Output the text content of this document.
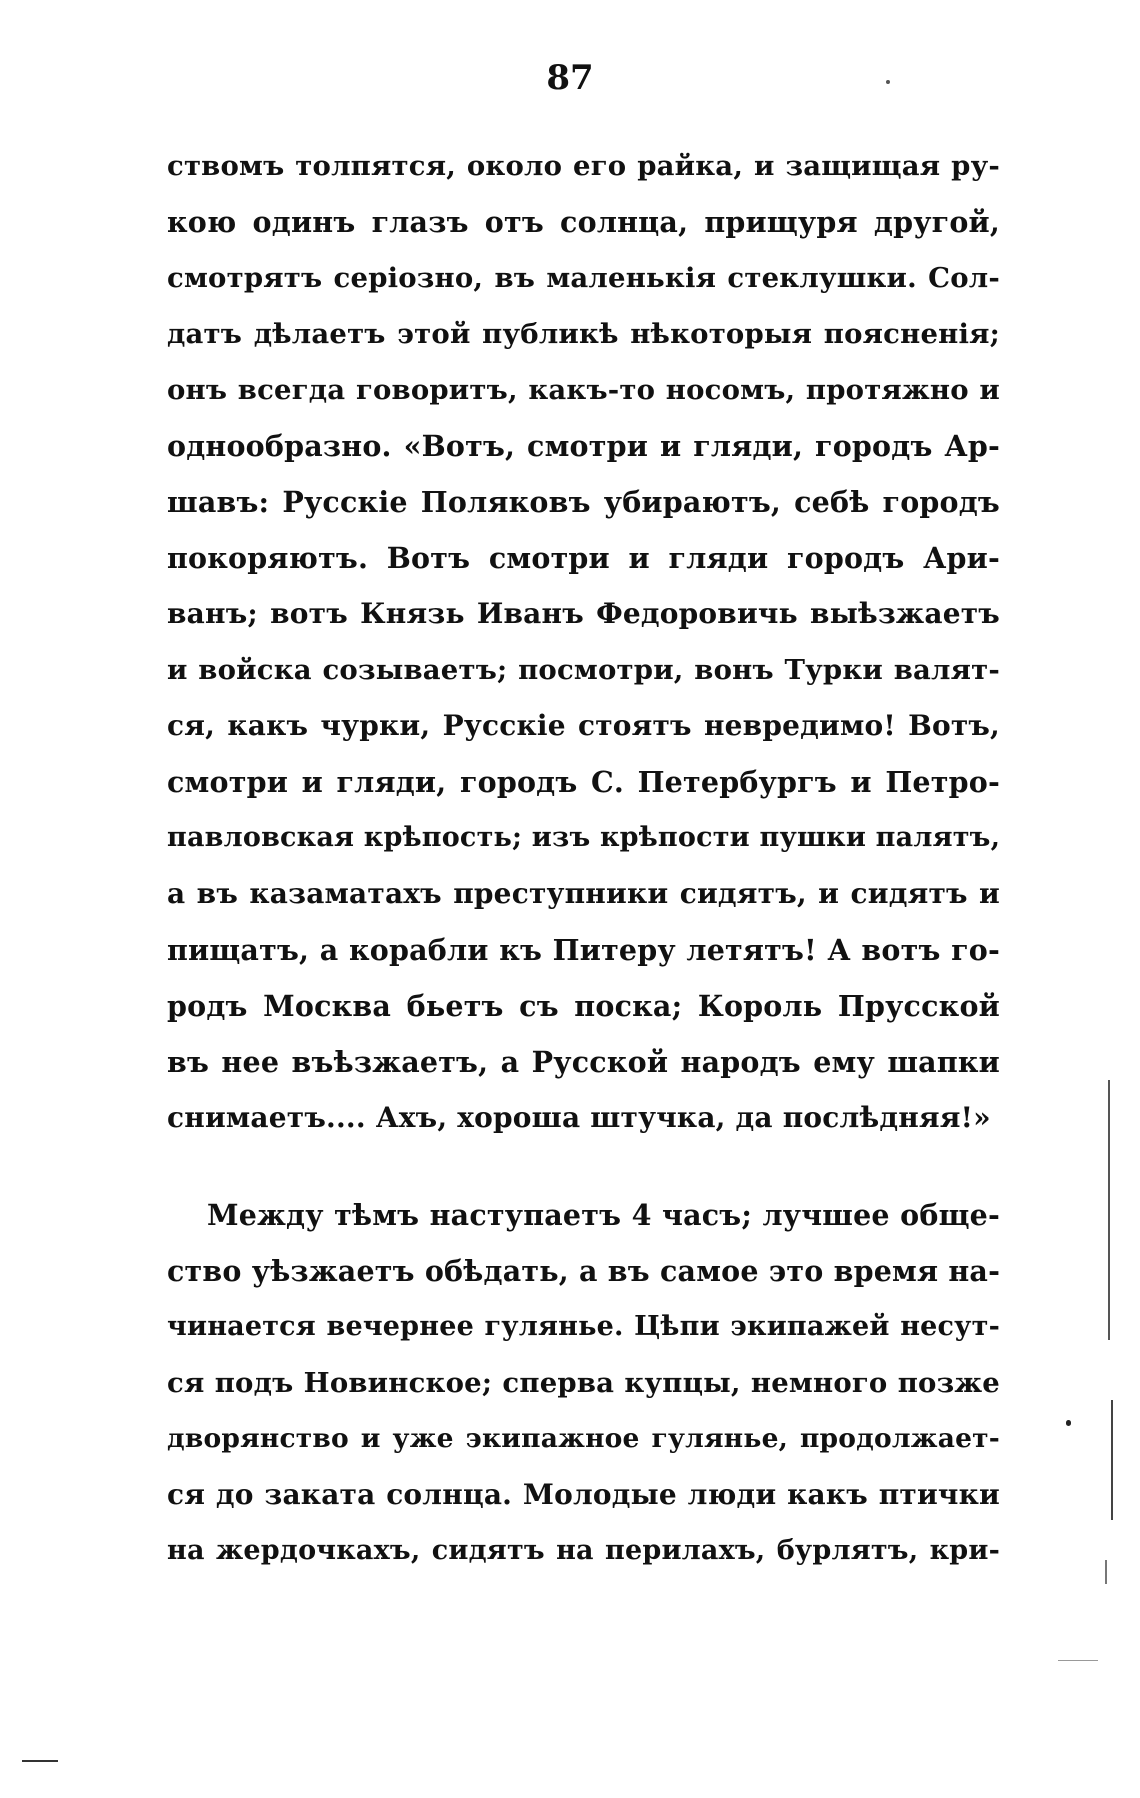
87
ствомъ толпятся, около его райка, и защищая ру-
кою одинъ глазъ отъ солнца, прищуря другой,
смотрятъ серiозно, въ маленькiя стеклушки. Сол-
датъ дѣлаетъ этой публикѣ нѣкоторыя поясненiя;
онъ всегда говоритъ, какъ-то носомъ, протяжно и
однообразно. «Вотъ, смотри и гляди, городъ Ар-
шавъ: Русскiе Поляковъ убираютъ, себѣ городъ
покоряютъ. Вотъ смотри и гляди городъ Ари-
ванъ; вотъ Князь Иванъ Федоровичь выѣзжаетъ
и войска созываетъ; посмотри, вонъ Турки валят-
ся, какъ чурки, Русскiе стоятъ невредимо! Вотъ,
смотри и гляди, городъ С. Петербургъ и Петро-
павловская крѣпость; изъ крѣпости пушки палятъ,
а въ казаматахъ преступники сидятъ, и сидятъ и
пищатъ, а корабли къ Питеру летятъ! А вотъ го-
родъ Москва бьетъ съ поска; Король Прусской
въ нее въѣзжаетъ, а Русской народъ ему шапки
снимаетъ.... Ахъ, хороша штучка, да послѣдняя!»
Между тѣмъ наступаетъ 4 часъ; лучшее обще-
ство уѣзжаетъ обѣдать, а въ самое это время на-
чинается вечернее гулянье. Цѣпи экипажей несут-
ся подъ Новинское; сперва купцы, немного позже
дворянство и уже экипажное гулянье, продолжает-
ся до заката солнца. Молодые люди какъ птички
на жердочкахъ, сидятъ на перилахъ, бурлятъ, кри-
